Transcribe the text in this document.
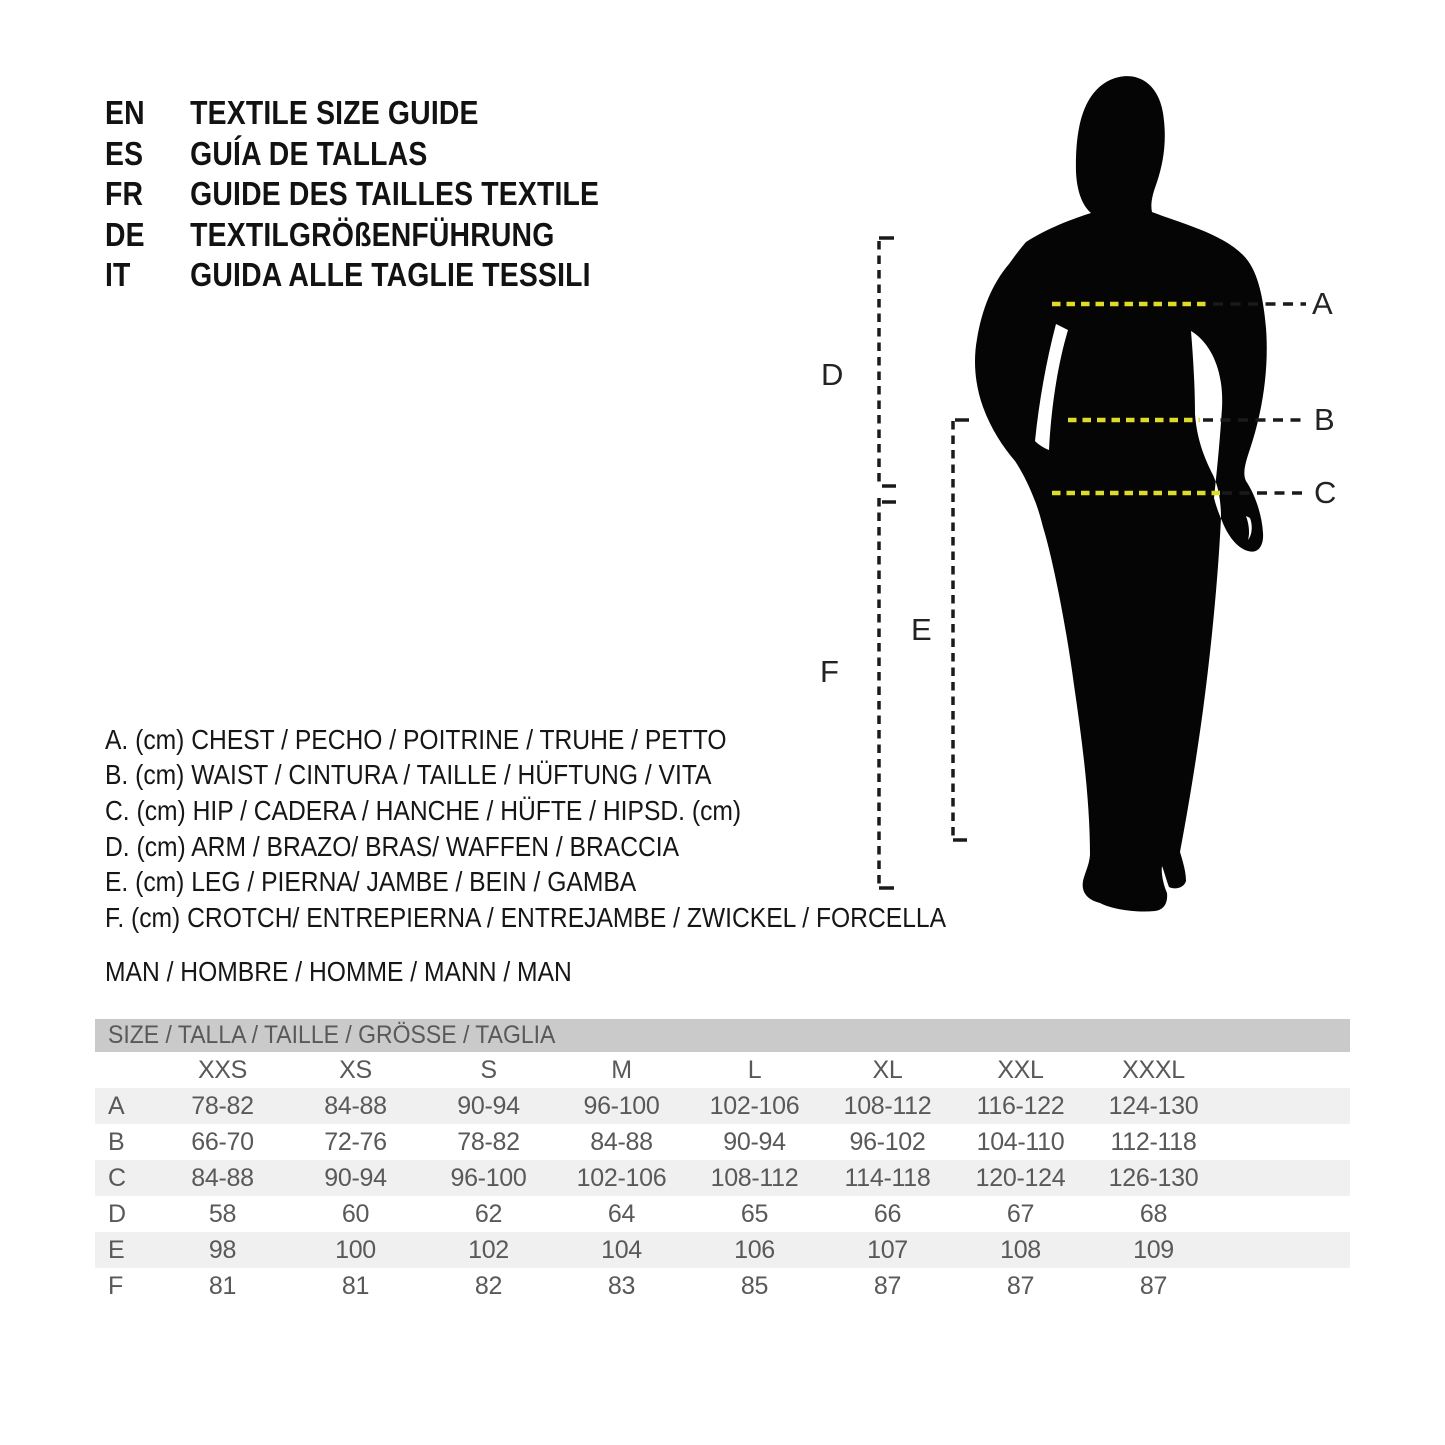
A
B
C
D
E
F
EN	TEXTILE SIZE GUIDE
ES	GUÍA DE TALLAS
FR	GUIDE DES TAILLES TEXTILE
DE	TEXTILGRÖßENFÜHRUNG
IT	GUIDA ALLE TAGLIE TESSILI
A. (cm) CHEST / PECHO / POITRINE / TRUHE / PETTO
B. (cm) WAIST / CINTURA / TAILLE / HÜFTUNG / VITA
C. (cm) HIP / CADERA / HANCHE / HÜFTE / HIPSD. (cm)
D. (cm) ARM / BRAZO/ BRAS/ WAFFEN / BRACCIA
E. (cm) LEG / PIERNA/ JAMBE / BEIN / GAMBA
F. (cm) CROTCH/ ENTREPIERNA / ENTREJAMBE / ZWICKEL / FORCELLA
MAN / HOMBRE / HOMME / MANN / MAN
SIZE / TALLA / TAILLE / GRÖSSE / TAGLIA
	XXS	XS	S	M	L	XL	XXL	XXXL	
A	78-82	84-88	90-94	96-100	102-106	108-112	116-122	124-130	
B	66-70	72-76	78-82	84-88	90-94	96-102	104-110	112-118	
C	84-88	90-94	96-100	102-106	108-112	114-118	120-124	126-130	
D	58	60	62	64	65	66	67	68	
E	98	100	102	104	106	107	108	109	
F	81	81	82	83	85	87	87	87	
